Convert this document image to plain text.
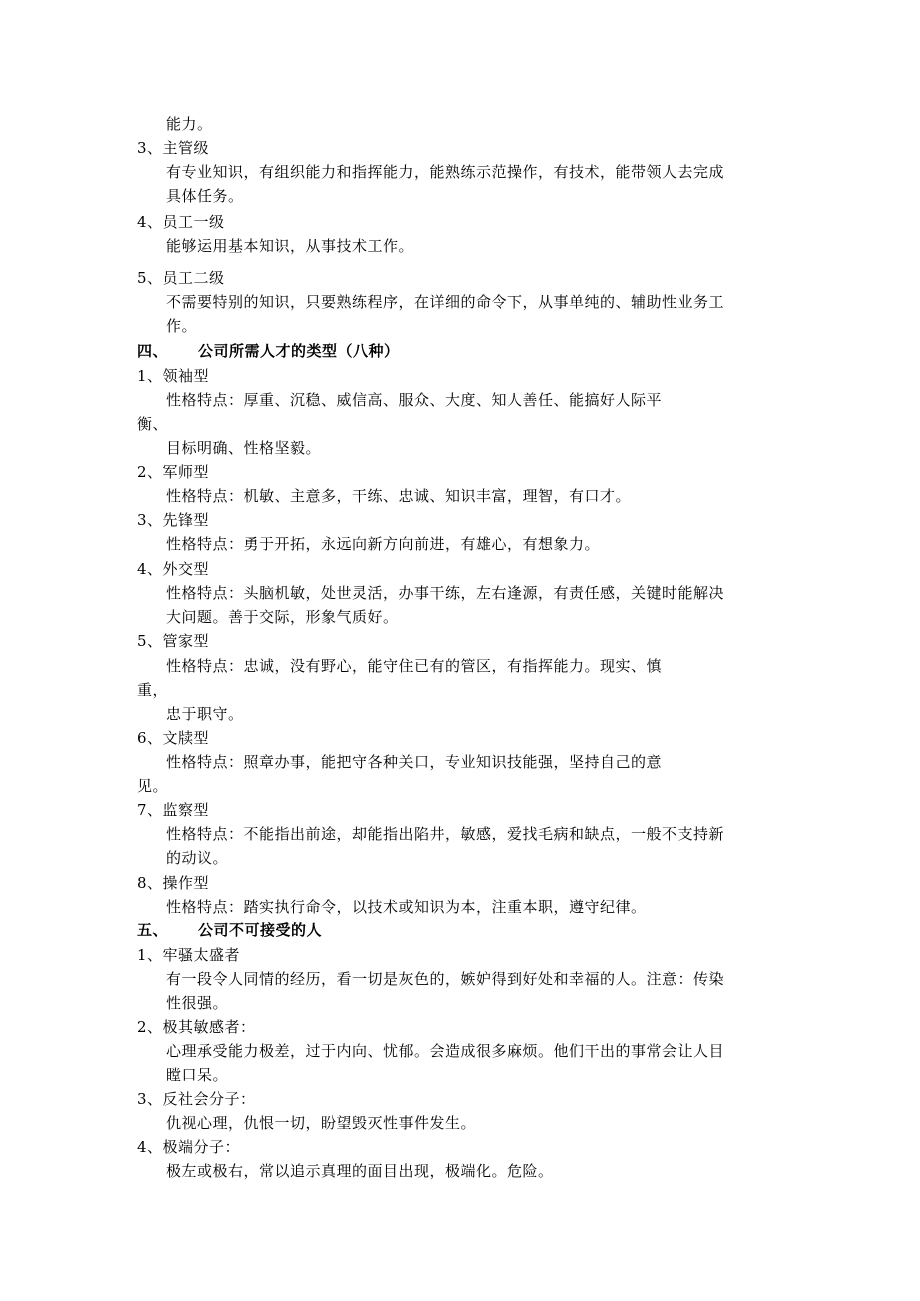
能力。
3、主管级
有专业知识，有组织能力和指挥能力，能熟练示范操作，有技术，能带领人去完成
具体任务。
4、员工一级
能够运用基本知识，从事技术工作。
5、员工二级
不需要特别的知识，只要熟练程序，在详细的命令下，从事单纯的、辅助性业务工
作。
四、 公司所需人才的类型（八种）
1、领袖型
性格特点：厚重、沉稳、威信高、服众、大度、知人善任、能搞好人际平
衡、
目标明确、性格坚毅。
2、军师型
性格特点：机敏、主意多，干练、忠诚、知识丰富，理智，有口才。
3、先锋型
性格特点：勇于开拓，永远向新方向前进，有雄心，有想象力。
4、外交型
性格特点：头脑机敏，处世灵活，办事干练，左右逢源，有责任感，关键时能解决
大问题。善于交际，形象气质好。
5、管家型
性格特点：忠诚，没有野心，能守住已有的管区，有指挥能力。现实、慎
重，
忠于职守。
6、文牍型
性格特点：照章办事，能把守各种关口，专业知识技能强，坚持自己的意
见。
7、监察型
性格特点：不能指出前途，却能指出陷井，敏感，爱找毛病和缺点，一般不支持新
的动议。
8、操作型
性格特点：踏实执行命令，以技术或知识为本，注重本职，遵守纪律。
五、 公司不可接受的人
1、牢骚太盛者
有一段令人同情的经历，看一切是灰色的，嫉妒得到好处和幸福的人。注意：传染
性很强。
2、极其敏感者：
心理承受能力极差，过于内向、忧郁。会造成很多麻烦。他们干出的事常会让人目
瞠口呆。
3、反社会分子：
仇视心理，仇恨一切，盼望毁灭性事件发生。
4、极端分子：
极左或极右，常以追示真理的面目出现，极端化。危险。
